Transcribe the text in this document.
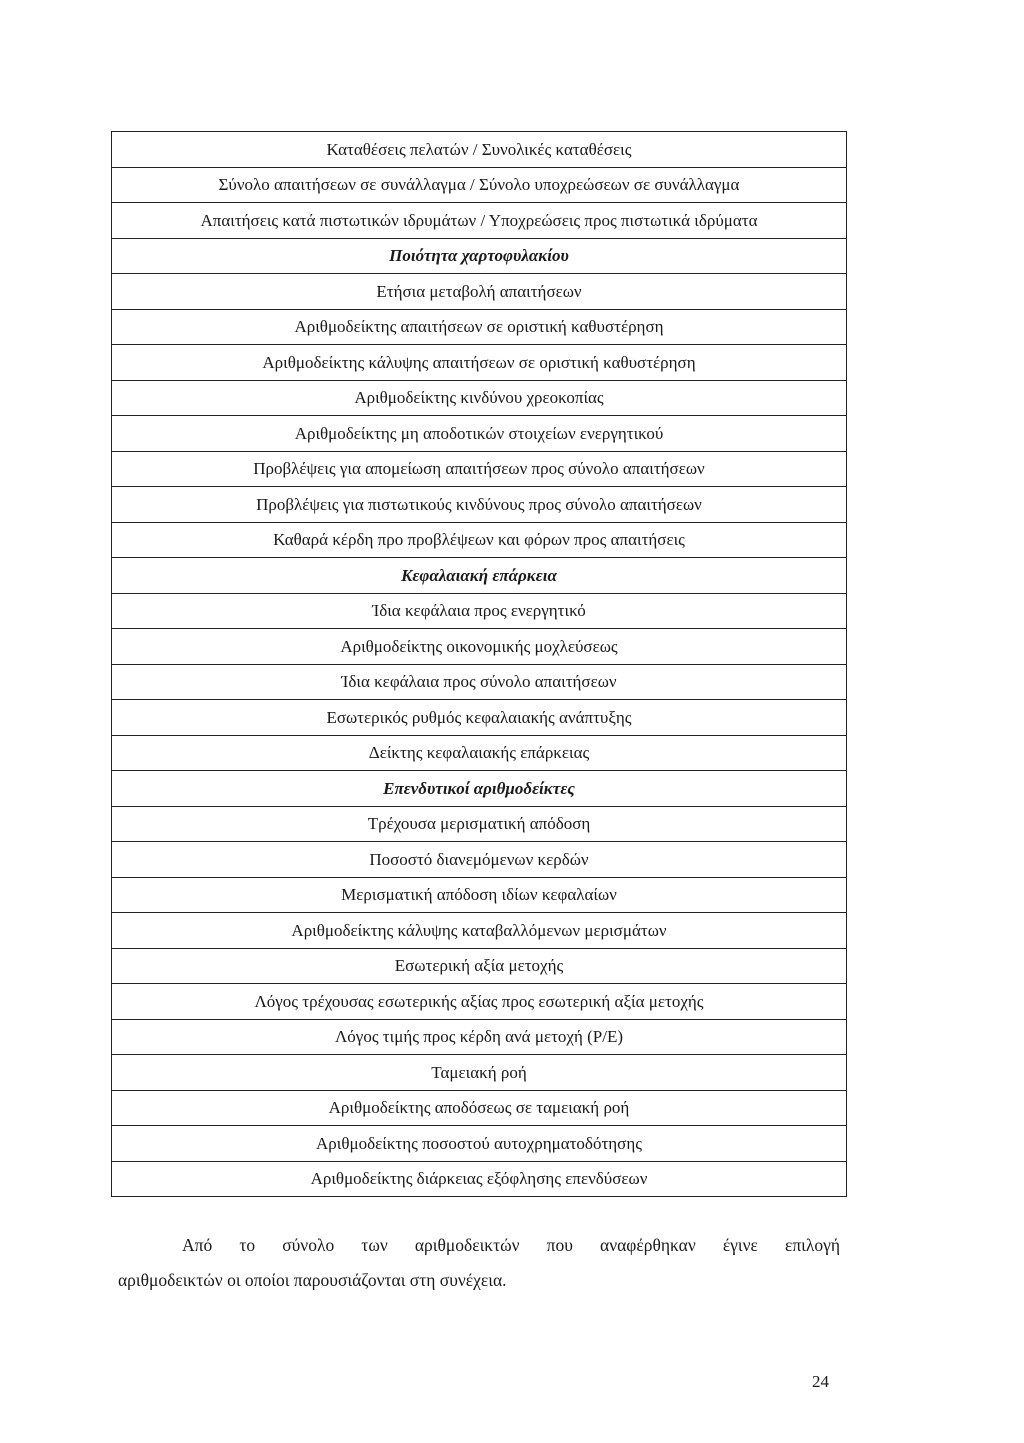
Καταθέσεις πελατών / Συνολικές καταθέσεις
Σύνολο απαιτήσεων σε συνάλλαγμα / Σύνολο υποχρεώσεων σε συνάλλαγμα
Απαιτήσεις κατά πιστωτικών ιδρυμάτων / Υποχρεώσεις προς πιστωτικά ιδρύματα
Ποιότητα χαρτοφυλακίου
Ετήσια μεταβολή απαιτήσεων
Αριθμοδείκτης απαιτήσεων σε οριστική καθυστέρηση
Αριθμοδείκτης κάλυψης απαιτήσεων σε οριστική καθυστέρηση
Αριθμοδείκτης κινδύνου χρεοκοπίας
Αριθμοδείκτης μη αποδοτικών στοιχείων ενεργητικού
Προβλέψεις για απομείωση απαιτήσεων προς σύνολο απαιτήσεων
Προβλέψεις για πιστωτικούς κινδύνους προς σύνολο απαιτήσεων
Καθαρά κέρδη προ προβλέψεων και φόρων προς απαιτήσεις
Κεφαλαιακή επάρκεια
Ίδια κεφάλαια προς ενεργητικό
Αριθμοδείκτης οικονομικής μοχλεύσεως
Ίδια κεφάλαια προς σύνολο απαιτήσεων
Εσωτερικός ρυθμός κεφαλαιακής ανάπτυξης
Δείκτης κεφαλαιακής επάρκειας
Επενδυτικοί αριθμοδείκτες
Τρέχουσα μερισματική απόδοση
Ποσοστό διανεμόμενων κερδών
Μερισματική απόδοση ιδίων κεφαλαίων
Αριθμοδείκτης κάλυψης καταβαλλόμενων μερισμάτων
Εσωτερική αξία μετοχής
Λόγος τρέχουσας εσωτερικής αξίας προς εσωτερική αξία μετοχής
Λόγος τιμής προς κέρδη ανά μετοχή (Ρ/Ε)
Ταμειακή ροή
Αριθμοδείκτης αποδόσεως σε ταμειακή ροή
Αριθμοδείκτης ποσοστού αυτοχρηματοδότησης
Αριθμοδείκτης διάρκειας εξόφλησης επενδύσεων

Από το σύνολο των αριθμοδεικτών που αναφέρθηκαν έγινε επιλογή
αριθμοδεικτών οι οποίοι παρουσιάζονται στη συνέχεια.

24
